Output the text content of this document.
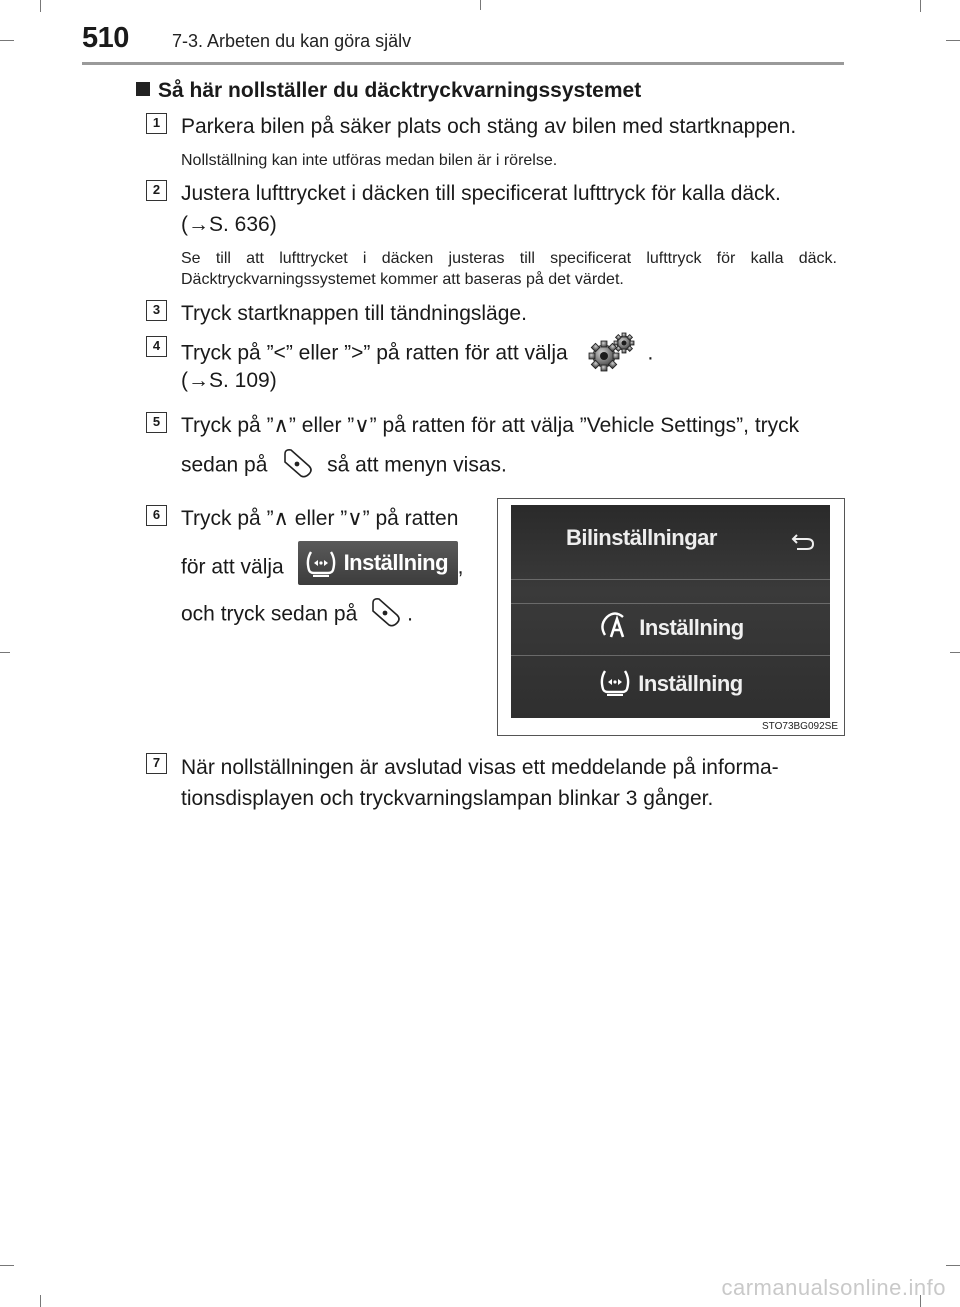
510 7-3. Arbeten du kan göra själv
Så här nollställer du däcktryckvarningssystemet
1 Parkera bilen på säker plats och stäng av bilen med startknappen.
Nollställning kan inte utföras medan bilen är i rörelse.
2 Justera lufttrycket i däcken till specificerat lufttryck för kalla däck.
(→S. 636)
Se till att lufttrycket i däcken justeras till specificerat lufttryck för kalla däck. Däcktryckvarningssystemet kommer att baseras på det värdet.
3 Tryck startknappen till tändningsläge.
4 Tryck på ”<” eller ”>” på ratten för att välja	.
(→S. 109)
5 Tryck på ”∧” eller ”∨” på ratten för att välja ”Vehicle Settings”, tryck
sedan på	så att menyn visas.
6 Tryck på ”∧ eller ”∨” på ratten
för att välja	Inställning ,
och tryck sedan på .
Bilinställningar
Inställning
Inställning
STO73BG092SE
7 När nollställningen är avslutad visas ett meddelande på informa-
tionsdisplayen och tryckvarningslampan blinkar 3 gånger.
carmanualsonline.info
